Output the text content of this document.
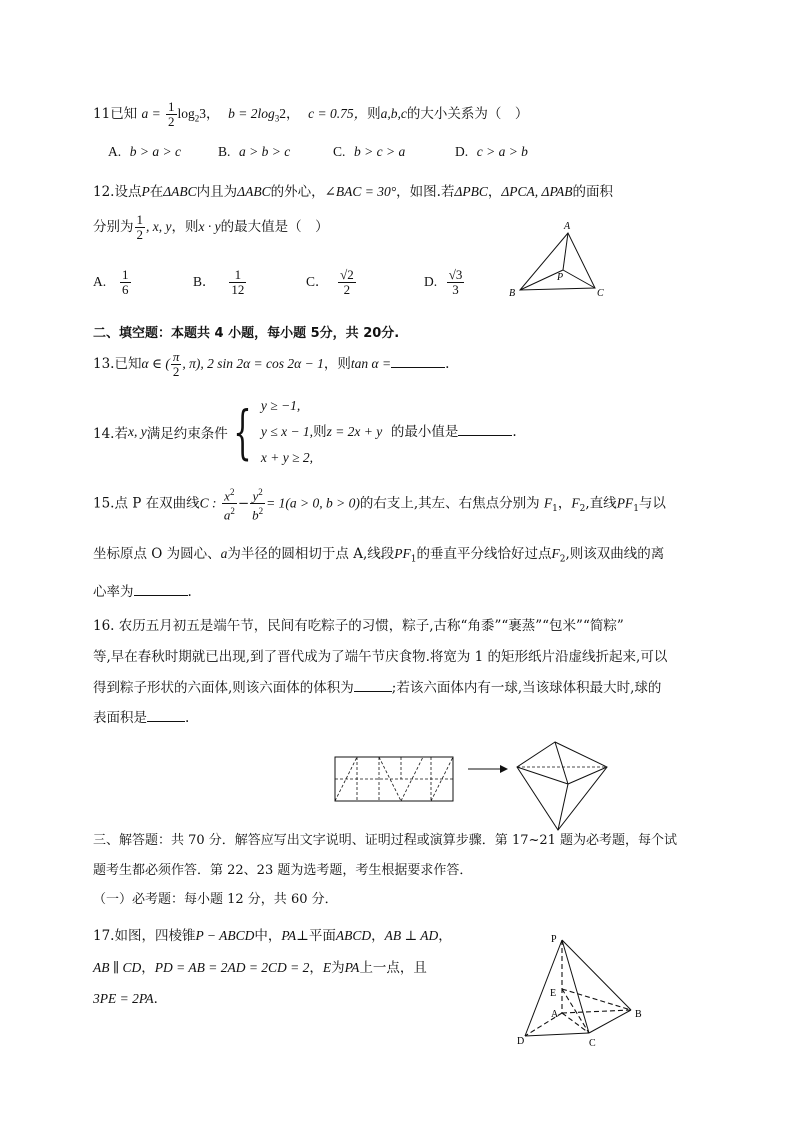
11已知 $a = \frac{1}{2} \log_23$， $b = 2\log_32$， c = 0.75，则a,b,c的大小关系为（　）
A. b > a > c	B. a > b > c	C. b > c > a	D. c > a > b
12.设点P在ΔABC内且为ΔABC的外心，∠BAC = 30°，如图.若ΔPBC，ΔPCA, ΔPAB的面积
分别为 $\frac{1}{2}$ , x, y，则x · y的最大值是（　）
A. $\frac{1}{6}$	B． $\frac{1}{12}$	C． $\frac{√2}{2}$	D. $\frac{√3}{3}$
A
B	C
P
二、填空题：本题共 4 小题，每小题 5分，共 20分.
13.已知α ∈ ( $\frac{\pi}{2}$ , π), 2 sin 2α = cos 2α − 1，则tan α =	.
14.若x, y满足约束条件{ y ≥ −1,
y ≤ x − 1,则z = 2x + y 的最小值是	.
x + y ≥ 2,
15.点 P 在双曲线C : $\frac{x^2}{a^2} - \frac{y^2}{b^2} = 1(a > 0$, b > 0)的右支上,其左、右焦点分别为 $F_1$，$F_2$,直线$PF_1$与以
坐标原点 O 为圆心、a为半径的圆相切于点 A,线段$PF_1$的垂直平分线恰好过点$F_2$,则该双曲线的离
心率为	.
16. 农历五月初五是端午节，民间有吃粽子的习惯，粽子,古称“角黍”“裹蒸”“包米”“简粽”
等,早在春秋时期就已出现,到了晋代成为了端午节庆食物.将宽为 1 的矩形纸片沿虚线折起来,可以
得到粽子形状的六面体,则该六面体的体积为	;若该六面体内有一球,当该球体积最大时,球的
表面积是	.
三、解答题：共 70 分．解答应写出文字说明、证明过程或演算步骤．第 17~21 题为必考题，每个试
题考生都必须作答．第 22、23 题为选考题，考生根据要求作答．
（一）必考题：每小题 12 分，共 60 分．
17.如图，四棱锥P − ABCD中，PA⊥平面ABCD，AB ⊥ AD，
AB ∥ CD，PD = AB = 2AD = 2CD = 2，E为PA上一点，且
3PE = 2PA．
P
E
A	B
C
D
